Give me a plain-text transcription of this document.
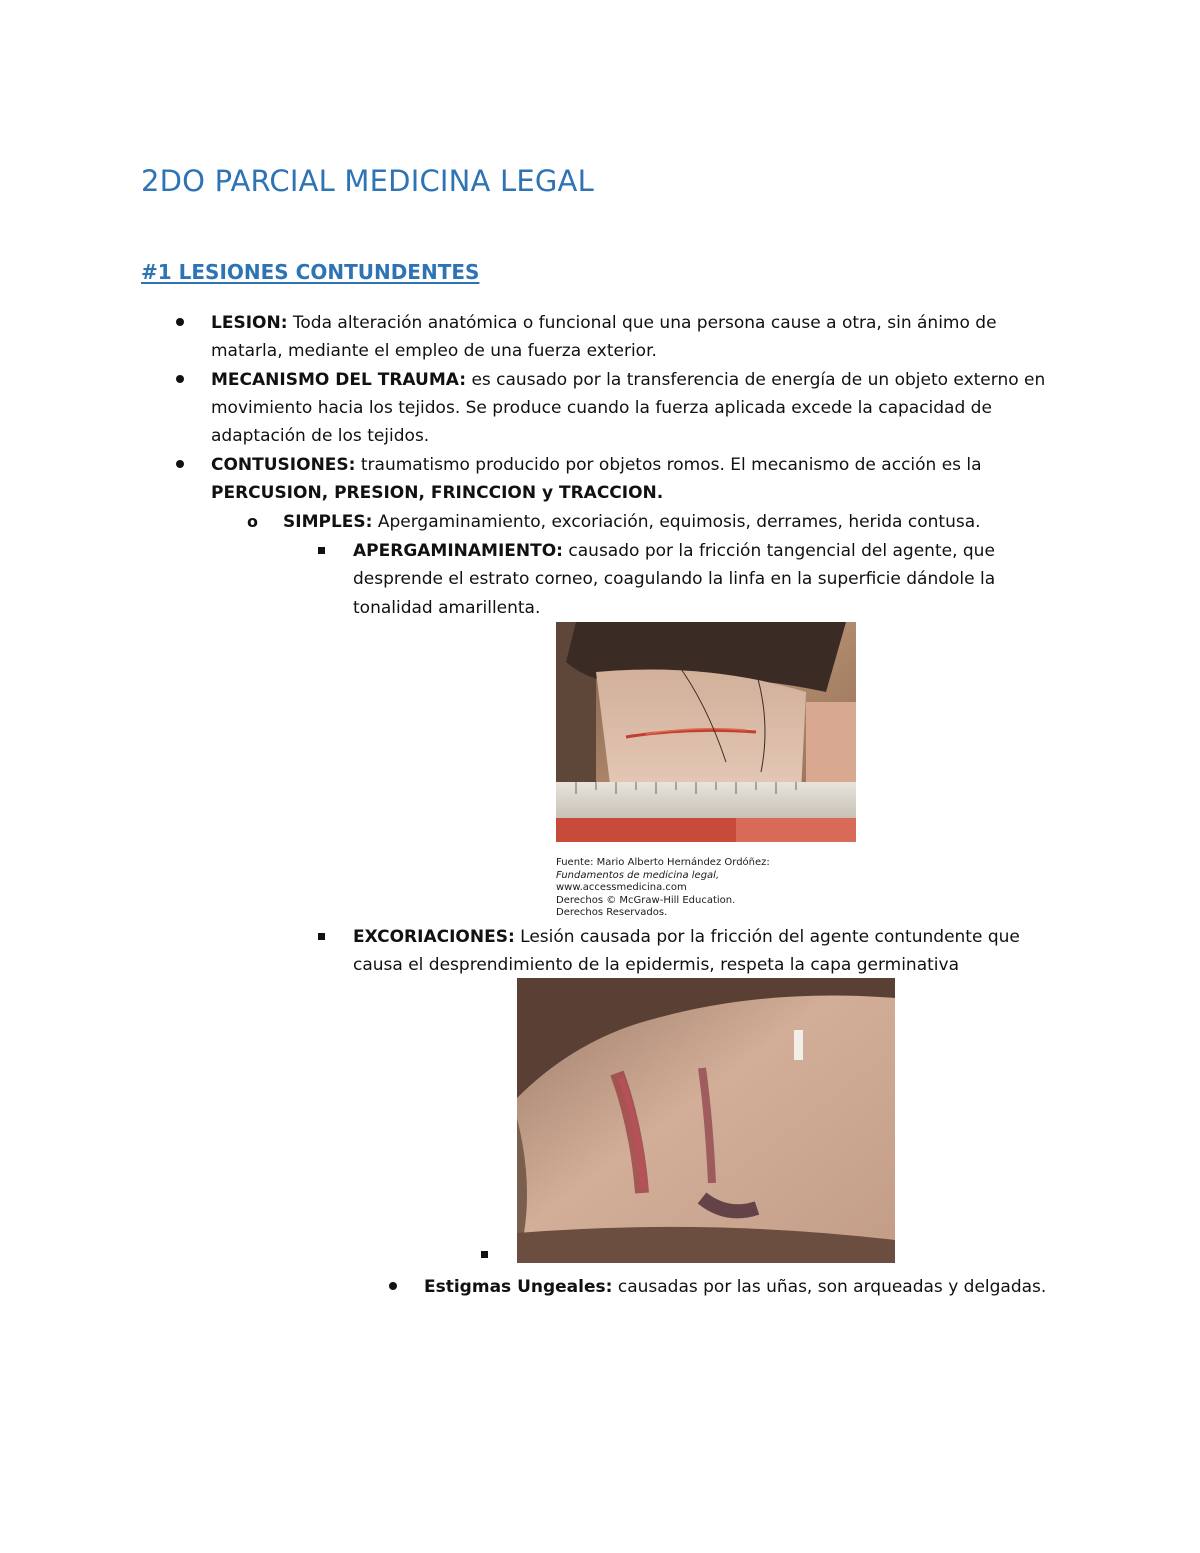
2DO PARCIAL MEDICINA LEGAL
#1 LESIONES CONTUNDENTES
LESION: Toda alteración anatómica o funcional que una persona cause a otra, sin ánimo de
matarla, mediante el empleo de una fuerza exterior.
MECANISMO DEL TRAUMA: es causado por la transferencia de energía de un objeto externo en
movimiento hacia los tejidos. Se produce cuando la fuerza aplicada excede la capacidad de
adaptación de los tejidos.
CONTUSIONES: traumatismo producido por objetos romos. El mecanismo de acción es la
PERCUSION, PRESION, FRINCCION y TRACCION.
o SIMPLES: Apergaminamiento, excoriación, equimosis, derrames, herida contusa.
APERGAMINAMIENTO: causado por la fricción tangencial del agente, que
desprende el estrato corneo, coagulando la linfa en la superficie dándole la
tonalidad amarillenta.
Fuente: Mario Alberto Hernández Ordóñez:
Fundamentos de medicina legal,
www.accessmedicina.com
Derechos © McGraw-Hill Education.
Derechos Reservados.
EXCORIACIONES: Lesión causada por la fricción del agente contundente que
causa el desprendimiento de la epidermis, respeta la capa germinativa
Estigmas Ungeales: causadas por las uñas, son arqueadas y delgadas.
